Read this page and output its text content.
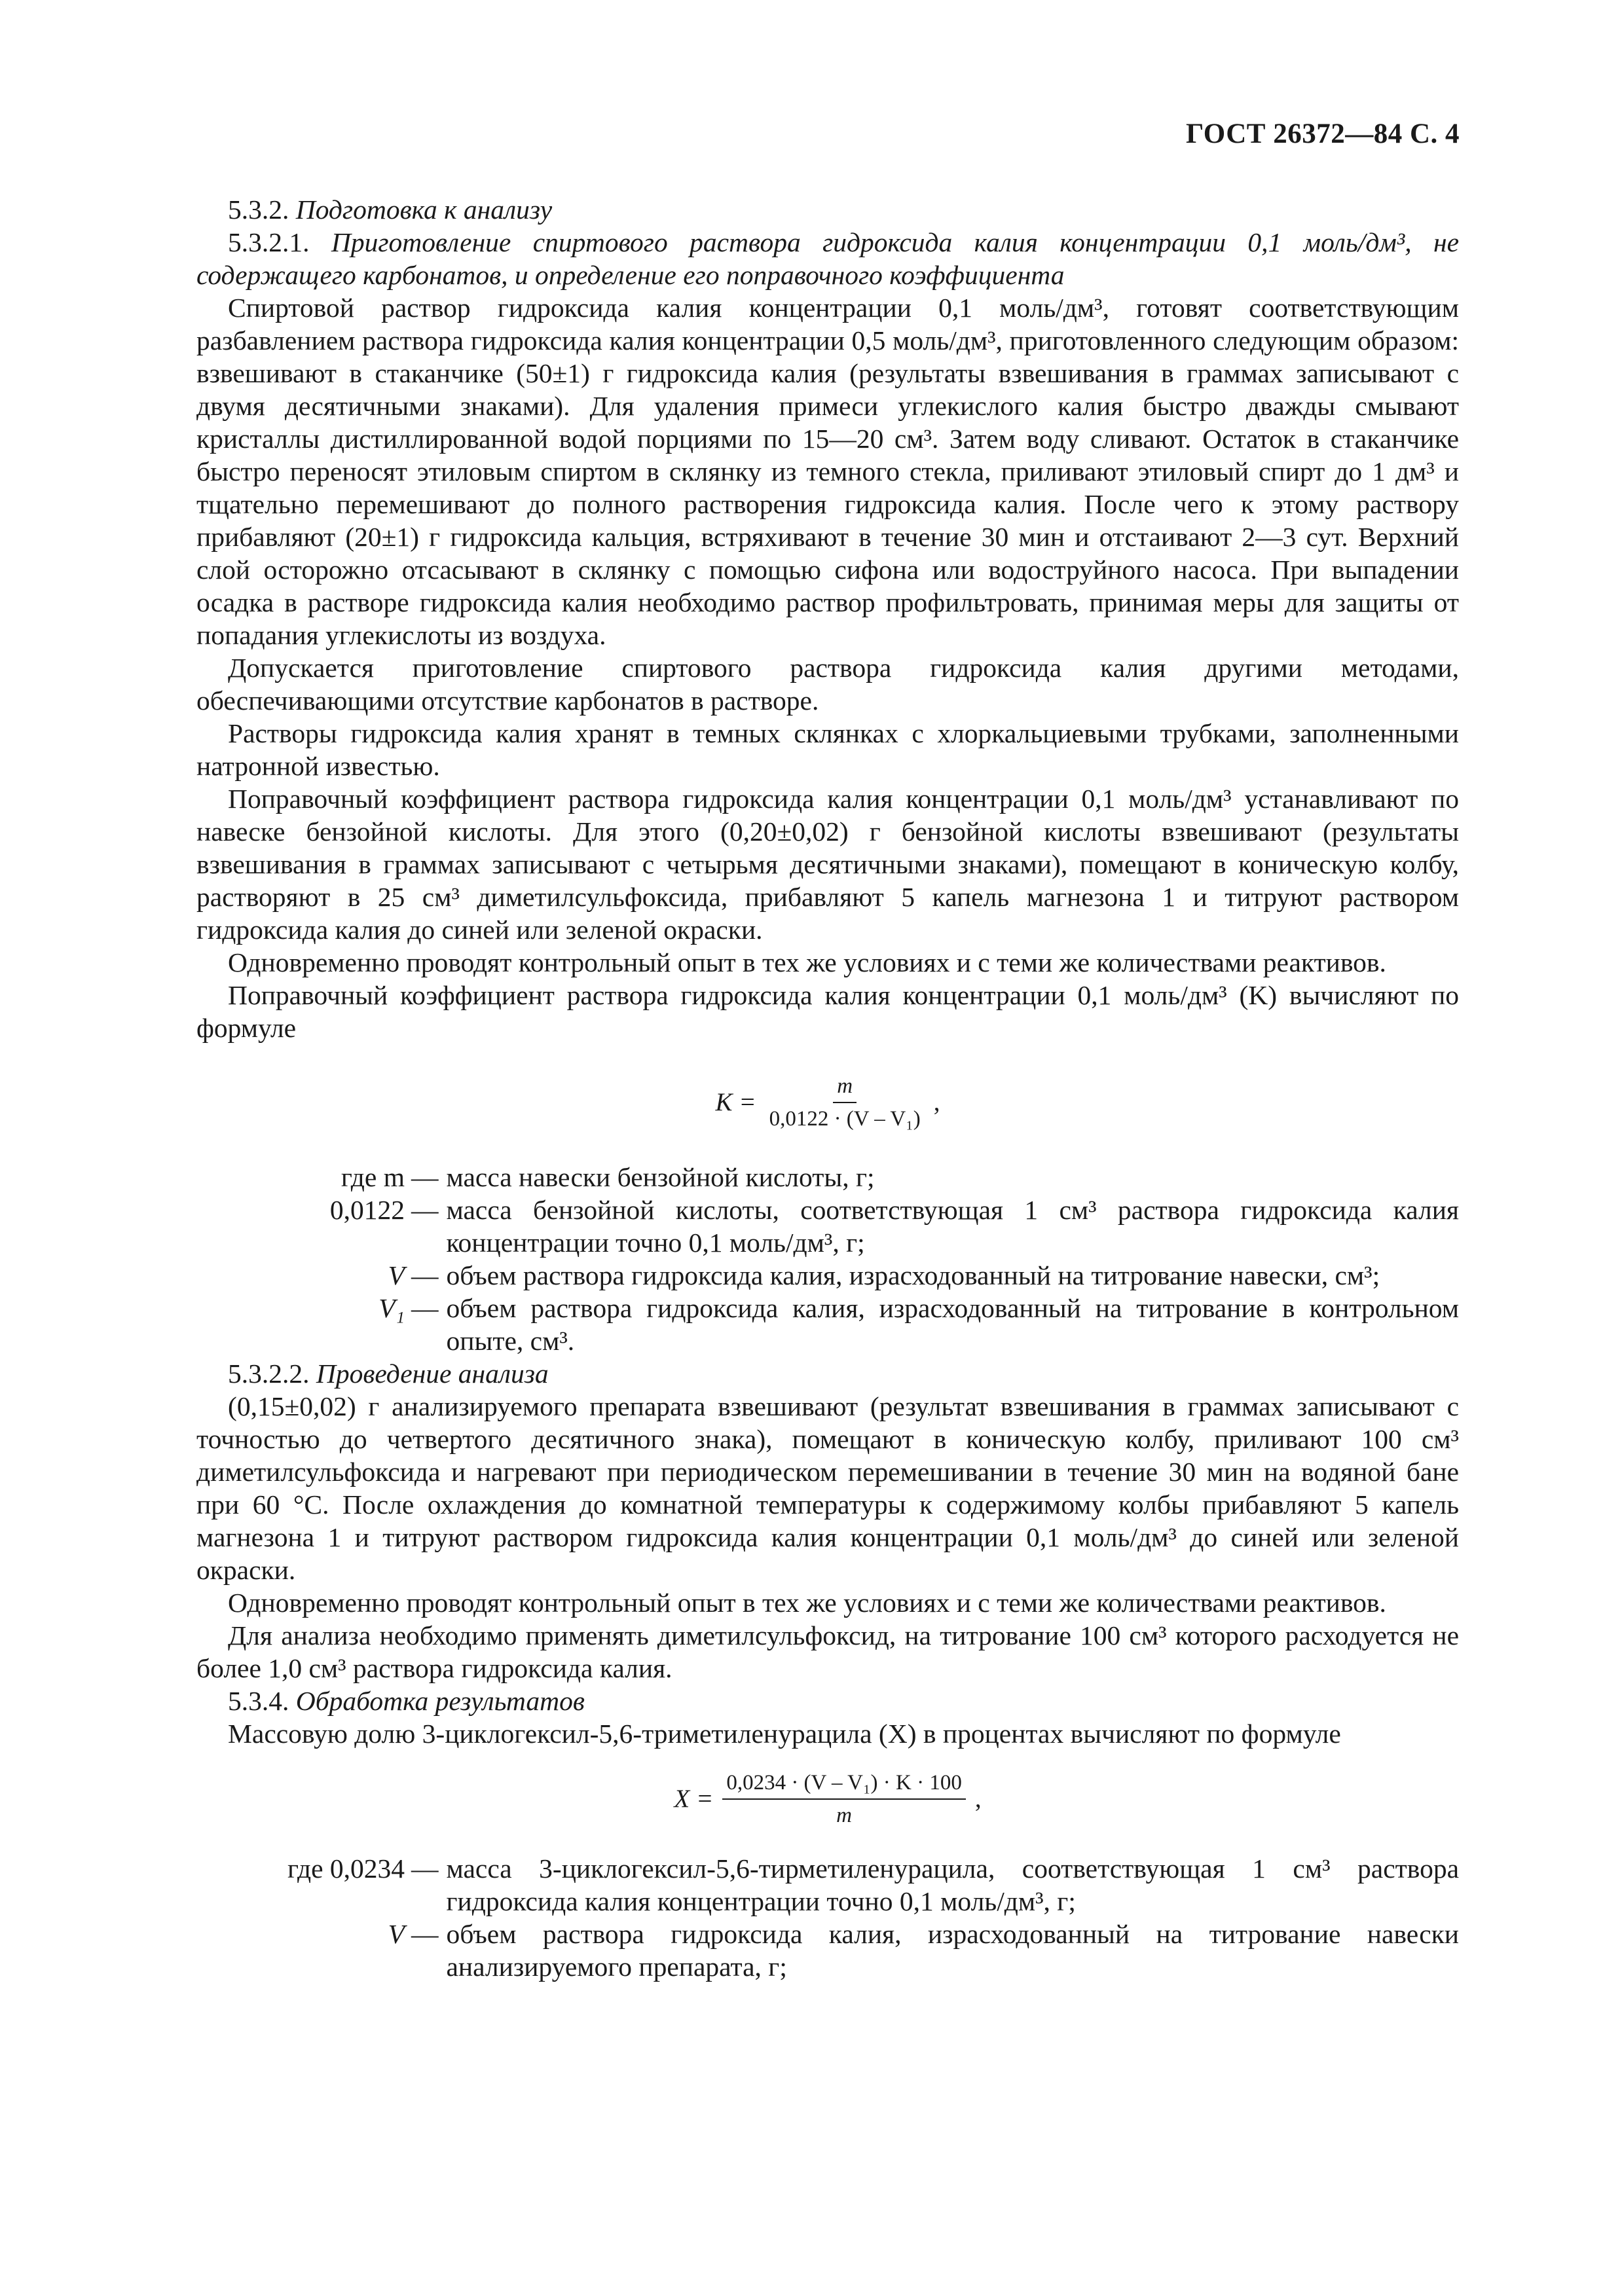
ГОСТ 26372—84 С. 4

5.3.2. Подготовка к анализу

5.3.2.1. Приготовление спиртового раствора гидроксида калия концентрации 0,1 моль/дм³, не содержащего карбонатов, и определение его поправочного коэффициента

Спиртовой раствор гидроксида калия концентрации 0,1 моль/дм³, готовят соответствующим разбавлением раствора гидроксида калия концентрации 0,5 моль/дм³, приготовленного следующим образом: взвешивают в стаканчике (50±1) г гидроксида калия (результаты взвешивания в граммах записывают с двумя десятичными знаками). Для удаления примеси углекислого калия быстро дважды смывают кристаллы дистиллированной водой порциями по 15—20 см³. Затем воду сливают. Остаток в стаканчике быстро переносят этиловым спиртом в склянку из темного стекла, приливают этиловый спирт до 1 дм³ и тщательно перемешивают до полного растворения гидроксида калия. После чего к этому раствору прибавляют (20±1) г гидроксида кальция, встряхивают в течение 30 мин и отстаивают 2—3 сут. Верхний слой осторожно отсасывают в склянку с помощью сифона или водоструйного насоса. При выпадении осадка в растворе гидроксида калия необходимо раствор профильтровать, принимая меры для защиты от попадания углекислоты из воздуха.

Допускается приготовление спиртового раствора гидроксида калия другими методами, обеспечивающими отсутствие карбонатов в растворе.

Растворы гидроксида калия хранят в темных склянках с хлоркальциевыми трубками, заполненными натронной известью.

Поправочный коэффициент раствора гидроксида калия концентрации 0,1 моль/дм³ устанавливают по навеске бензойной кислоты. Для этого (0,20±0,02) г бензойной кислоты взвешивают (результаты взвешивания в граммах записывают с четырьмя десятичными знаками), помещают в коническую колбу, растворяют в 25 см³ диметилсульфоксида, прибавляют 5 капель магнезона 1 и титруют раствором гидроксида калия до синей или зеленой окраски.

Одновременно проводят контрольный опыт в тех же условиях и с теми же количествами реактивов.

Поправочный коэффициент раствора гидроксида калия концентрации 0,1 моль/дм³ (K) вычисляют по формуле

$K = \frac{m}{\text{0,0122 · (V – V₁)}}$ ,
где m — масса навески бензойной кислоты, г;
0,0122 — масса бензойной кислоты, соответствующая 1 см³ раствора гидроксида калия концентрации точно 0,1 моль/дм³, г;
V — объем раствора гидроксида калия, израсходованный на титрование навески, см³;
V₁ — объем раствора гидроксида калия, израсходованный на титрование в контрольном опыте, см³.

5.3.2.2. Проведение анализа

(0,15±0,02) г анализируемого препарата взвешивают (результат взвешивания в граммах записывают с точностью до четвертого десятичного знака), помещают в коническую колбу, приливают 100 см³ диметилсульфоксида и нагревают при периодическом перемешивании в течение 30 мин на водяной бане при 60 °С. После охлаждения до комнатной температуры к содержимому колбы прибавляют 5 капель магнезона 1 и титруют раствором гидроксида калия концентрации 0,1 моль/дм³ до синей или зеленой окраски.

Одновременно проводят контрольный опыт в тех же условиях и с теми же количествами реактивов.

Для анализа необходимо применять диметилсульфоксид, на титрование 100 см³ которого расходуется не более 1,0 см³ раствора гидроксида калия.

5.3.4. Обработка результатов

Массовую долю 3-циклогексил-5,6-триметиленурацила (X) в процентах вычисляют по формуле

$X = \frac{\text{0,0234 · (V – V₁) · K · 100}}{m}$ ,
где 0,0234 — масса 3-циклогексил-5,6-тирметиленурацила, соответствующая 1 см³ раствора гидроксида калия концентрации точно 0,1 моль/дм³, г;
V — объем раствора гидроксида калия, израсходованный на титрование навески анализируемого препарата, г;
